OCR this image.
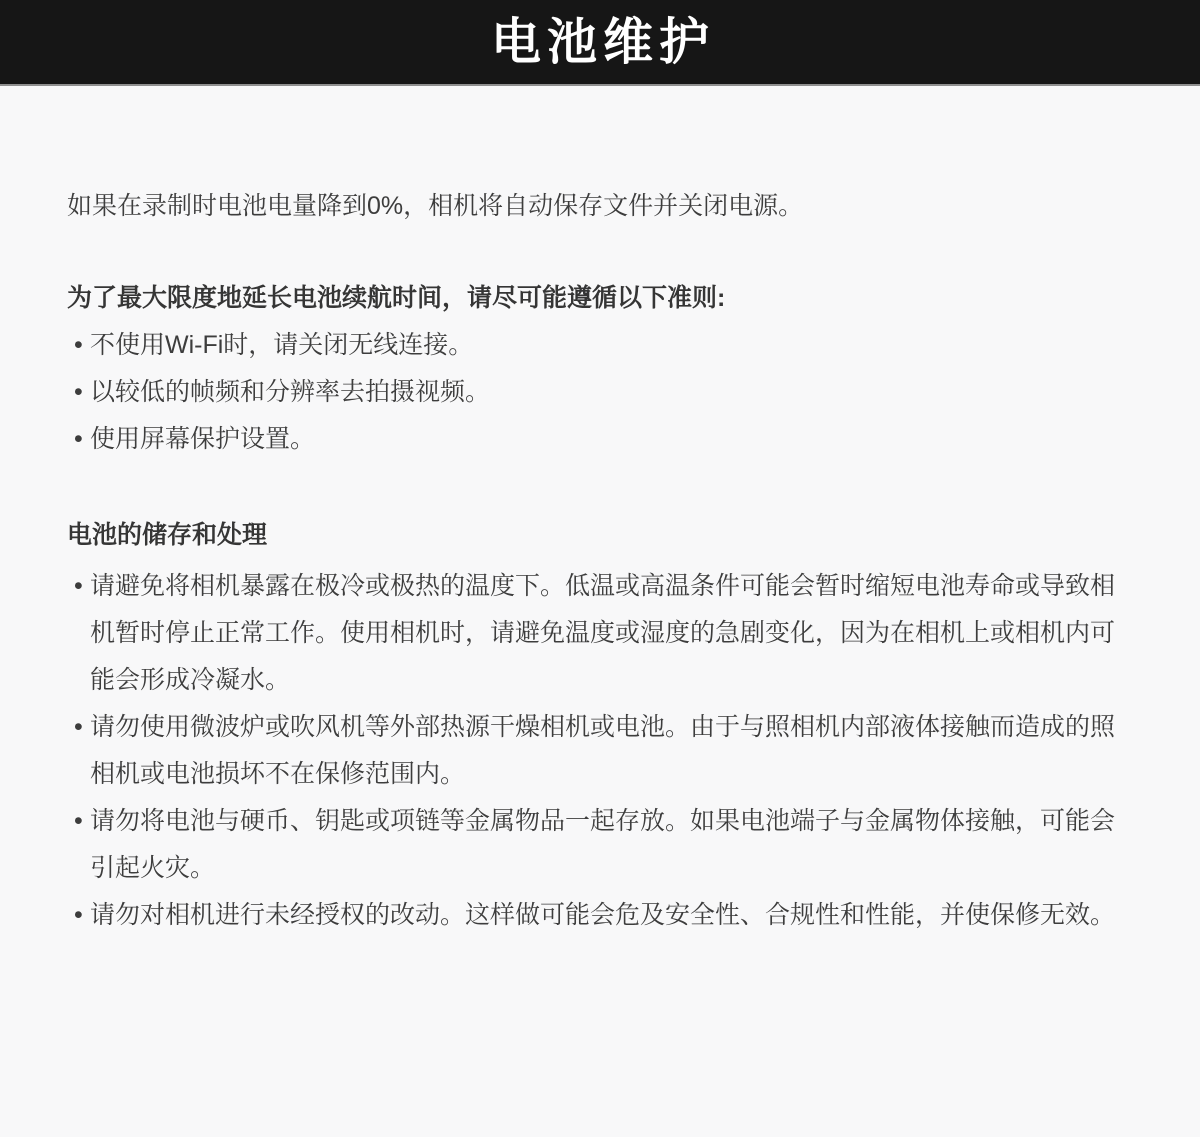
电池维护

如果在录制时电池电量降到0%，相机将自动保存文件并关闭电源。

为了最大限度地延长电池续航时间，请尽可能遵循以下准则:
• 不使用Wi-Fi时，请关闭无线连接。
• 以较低的帧频和分辨率去拍摄视频。
• 使用屏幕保护设置。
电池的储存和处理
• 请避免将相机暴露在极冷或极热的温度下。低温或高温条件可能会暂时缩短电池寿命或导致相机暂时停止正常工作。使用相机时，请避免温度或湿度的急剧变化，因为在相机上或相机内可能会形成冷凝水。
• 请勿使用微波炉或吹风机等外部热源干燥相机或电池。由于与照相机内部液体接触而造成的照相机或电池损坏不在保修范围内。
• 请勿将电池与硬币、钥匙或项链等金属物品一起存放。如果电池端子与金属物体接触，可能会引起火灾。
• 请勿对相机进行未经授权的改动。这样做可能会危及安全性、合规性和性能，并使保修无效。
